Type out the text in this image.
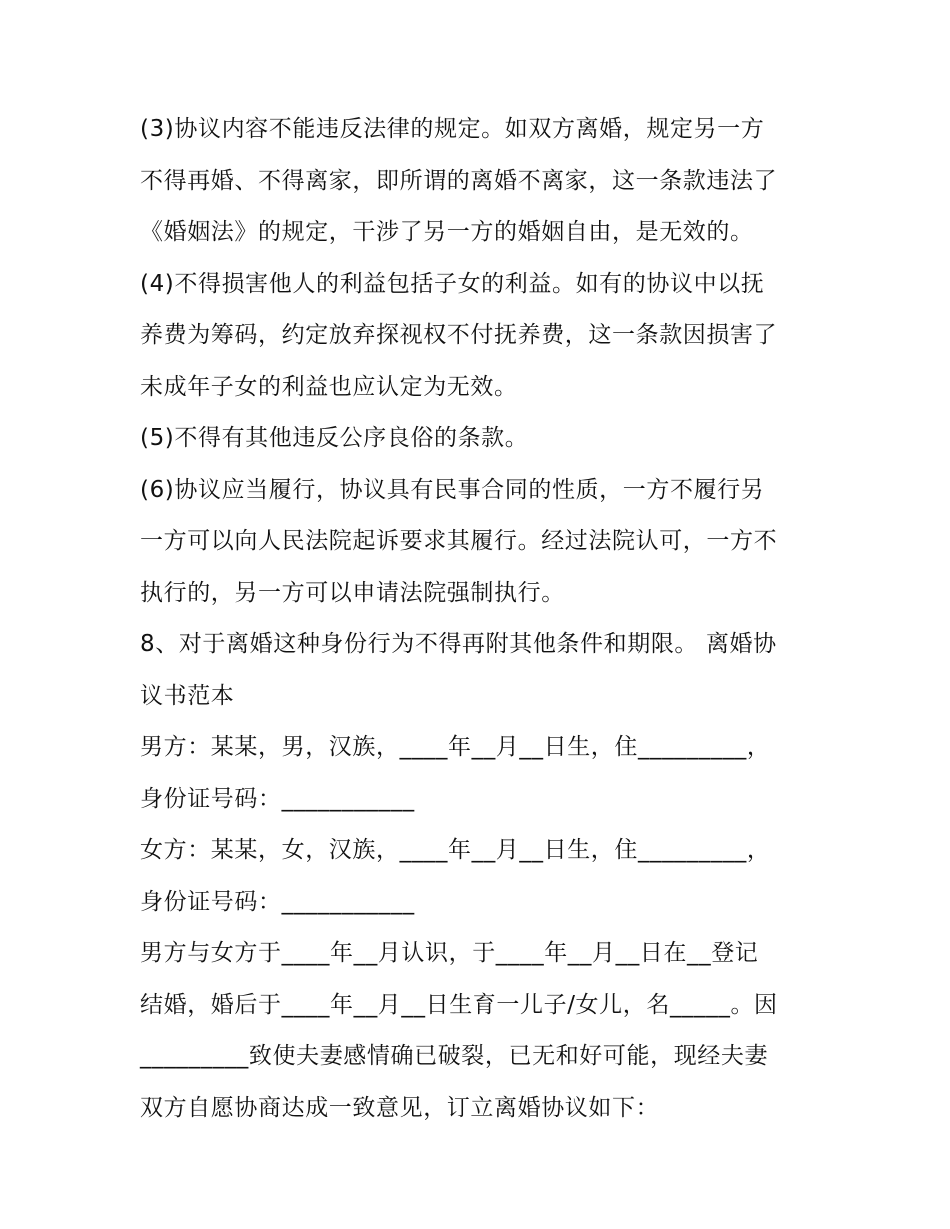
(3)协议内容不能违反法律的规定。如双方离婚，规定另一方
不得再婚、不得离家，即所谓的离婚不离家，这一条款违法了
《婚姻法》的规定，干涉了另一方的婚姻自由，是无效的。
(4)不得损害他人的利益包括子女的利益。如有的协议中以抚
养费为筹码，约定放弃探视权不付抚养费，这一条款因损害了
未成年子女的利益也应认定为无效。
(5)不得有其他违反公序良俗的条款。
(6)协议应当履行，协议具有民事合同的性质，一方不履行另
一方可以向人民法院起诉要求其履行。经过法院认可，一方不
执行的，另一方可以申请法院强制执行。
8、对于离婚这种身份行为不得再附其他条件和期限。 离婚协
议书范本
男方：某某，男，汉族，____年__月__日生，住_________，
身份证号码：___________
女方：某某，女，汉族，____年__月__日生，住_________，
身份证号码：___________
男方与女方于____年__月认识，于____年__月__日在__登记
结婚，婚后于____年__月__日生育一儿子/女儿，名_____。因
_________致使夫妻感情确已破裂，已无和好可能，现经夫妻
双方自愿协商达成一致意见，订立离婚协议如下：
